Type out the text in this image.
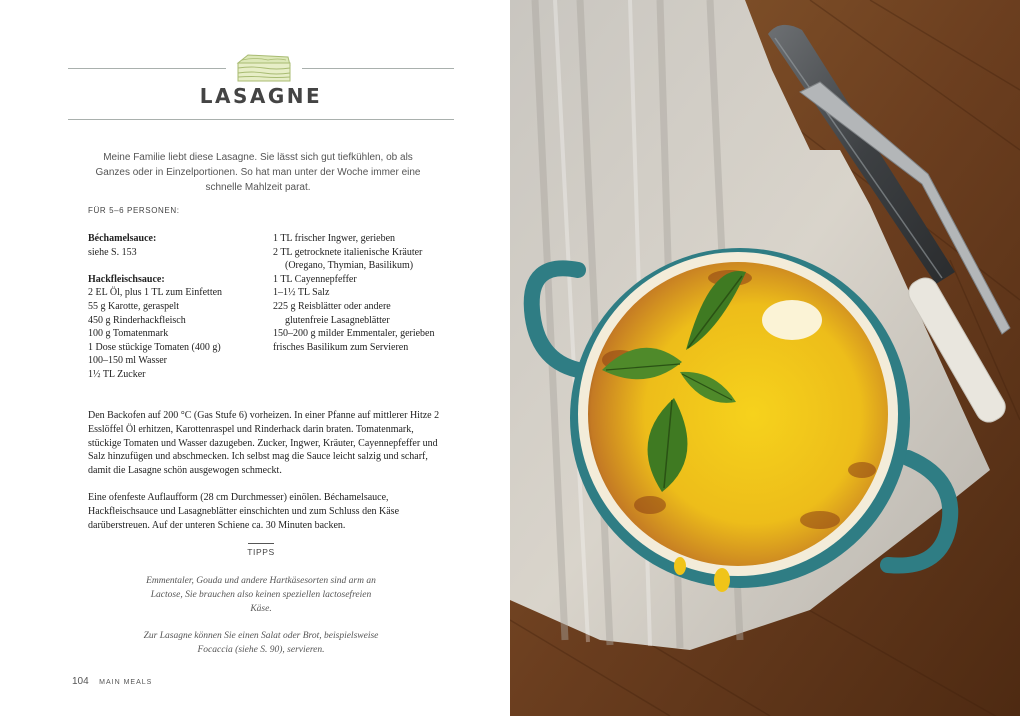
LASAGNE
Meine Familie liebt diese Lasagne. Sie lässt sich gut tiefkühlen, ob als Ganzes oder in Einzelportionen. So hat man unter der Woche immer eine schnelle Mahlzeit parat.
FÜR 5–6 PERSONEN:
Béchamelsauce:
siehe S. 153
Hackfleischsauce:
2 EL Öl, plus 1 TL zum Einfetten
55 g Karotte, geraspelt
450 g Rinderhackfleisch
100 g Tomatenmark
1 Dose stückige Tomaten (400 g)
100–150 ml Wasser
1½ TL Zucker
1 TL frischer Ingwer, gerieben
2 TL getrocknete italienische Kräuter
(Oregano, Thymian, Basilikum)
1 TL Cayennepfeffer
1–1½ TL Salz
225 g Reisblätter oder andere
glutenfreie Lasagneblätter
150–200 g milder Emmentaler, gerieben
frisches Basilikum zum Servieren

Den Backofen auf 200 °C (Gas Stufe 6) vorheizen. In einer Pfanne auf mittlerer Hitze 2 Esslöffel Öl erhitzen, Karottenraspel und Rinderhack darin braten. Tomatenmark, stückige Tomaten und Wasser dazugeben. Zucker, Ingwer, Kräuter, Cayennepfeffer und Salz hinzufügen und abschmecken. Ich selbst mag die Sauce leicht salzig und scharf, damit die Lasagne schön ausgewogen schmeckt.

Eine ofenfeste Auflaufform (28 cm Durchmesser) einölen. Béchamelsauce, Hackfleischsauce und Lasagneblätter einschichten und zum Schluss den Käse darüberstreuen. Auf der unteren Schiene ca. 30 Minuten backen.

TIPPS

Emmentaler, Gouda und andere Hartkäsesorten sind arm an Lactose, Sie brauchen also keinen speziellen lactosefreien Käse.

Zur Lasagne können Sie einen Salat oder Brot, beispielsweise Focaccia (siehe S. 90), servieren.

104 MAIN MEALS
